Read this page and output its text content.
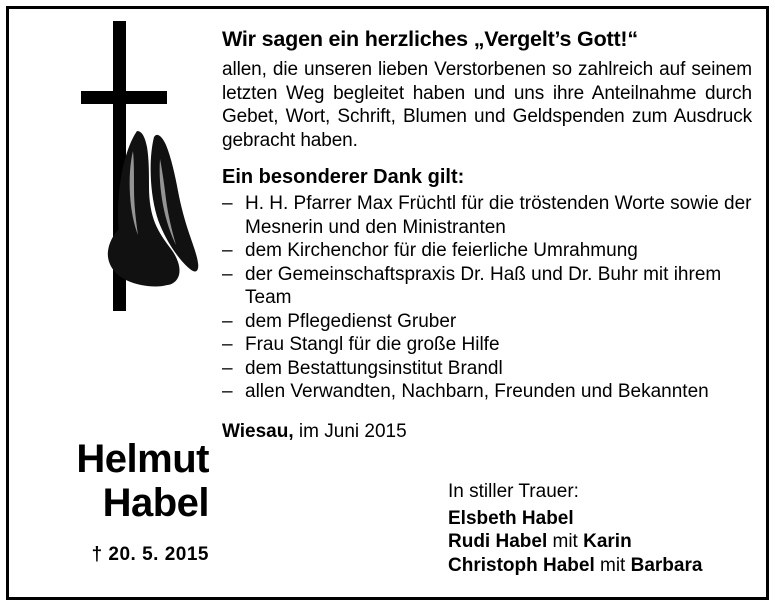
Helmut
Habel
† 20. 5. 2015

Wir sagen ein herzliches „Vergelt’s Gott!“

allen, die unseren lieben Verstorbenen so zahlreich auf seinem letzten Weg begleitet haben und uns ihre Anteilnahme durch Gebet, Wort, Schrift, Blumen und Geldspenden zum Ausdruck gebracht haben.

Ein besonderer Dank gilt:

– H. H. Pfarrer Max Früchtl für die tröstenden Worte sowie der Mesnerin und den Ministranten
– dem Kirchenchor für die feierliche Umrahmung
– der Gemeinschaftspraxis Dr. Haß und Dr. Buhr mit ihrem Team
– dem Pflegedienst Gruber
– Frau Stangl für die große Hilfe
– dem Bestattungsinstitut Brandl
– allen Verwandten, Nachbarn, Freunden und Bekannten

Wiesau, im Juni 2015

In stiller Trauer:
Elsbeth Habel
Rudi Habel mit Karin
Christoph Habel mit Barbara
